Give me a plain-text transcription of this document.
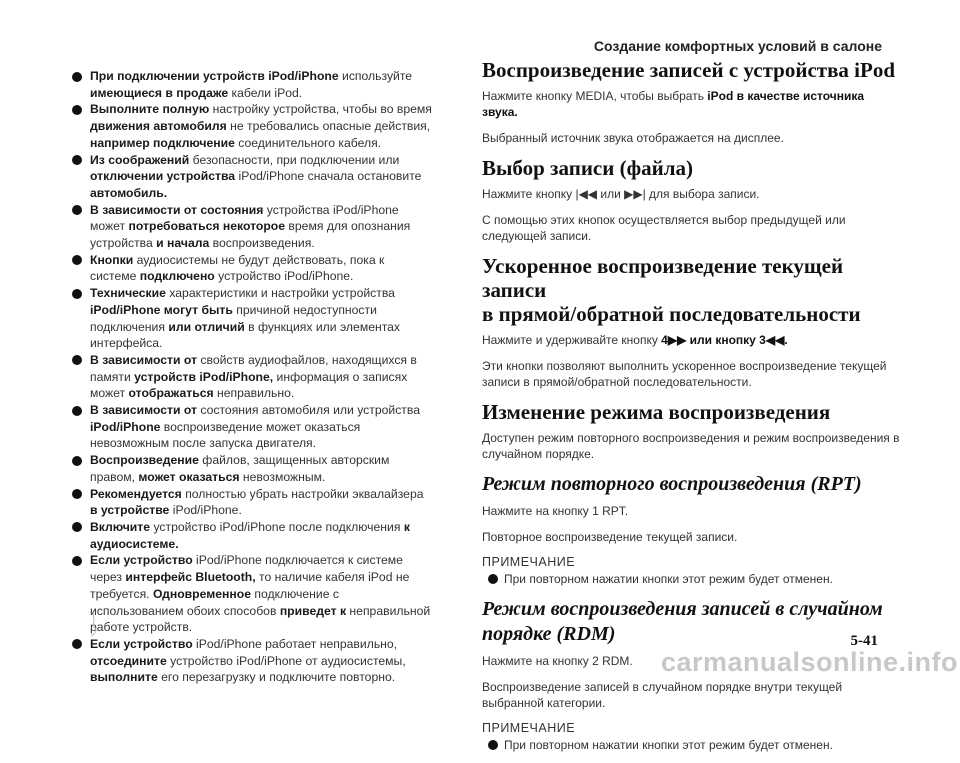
Создание комфортных условий в салоне
При подключении устройств iPod/iPhone используйте имеющиеся в продаже кабели iPod.
Выполните полную настройку устройства, чтобы во время движения автомобиля не требовались опасные действия, например подключение соединительного кабеля.
Из соображений безопасности, при подключении или отключении устройства iPod/iPhone сначала остановите автомобиль.
В зависимости от состояния устройства iPod/iPhone может потребоваться некоторое время для опознания устройства и начала воспроизведения.
Кнопки аудиосистемы не будут действовать, пока к системе подключено устройство iPod/iPhone.
Технические характеристики и настройки устройства iPod/iPhone могут быть причиной недоступности подключения или отличий в функциях или элементах интерфейса.
В зависимости от свойств аудиофайлов, находящихся в памяти устройств iPod/iPhone, информация о записях может отображаться неправильно.
В зависимости от состояния автомобиля или устройства iPod/iPhone воспроизведение может оказаться невозможным после запуска двигателя.
Воспроизведение файлов, защищенных авторским правом, может оказаться невозможным.
Рекомендуется полностью убрать настройки эквалайзера в устройстве iPod/iPhone.
Включите устройство iPod/iPhone после подключения к аудиосистеме.
Если устройство iPod/iPhone подключается к системе через интерфейс Bluetooth, то наличие кабеля iPod не требуется. Одновременное подключение с использованием обоих способов приведет к неправильной работе устройств.
Если устройство iPod/iPhone работает неправильно, отсоедините устройство iPod/iPhone от аудиосистемы, выполните его перезагрузку и подключите повторно.
Воспроизведение записей с устройства iPod
Нажмите кнопку MEDIA, чтобы выбрать iPod в качестве источника звука.
Выбранный источник звука отображается на дисплее.
Выбор записи (файла)
Нажмите кнопку |◀◀ или ▶▶| для выбора записи.
С помощью этих кнопок осуществляется выбор предыдущей или следующей записи.
Ускоренное воспроизведение текущей записи
в прямой/обратной последовательности
Нажмите и удерживайте кнопку 4▶▶ или кнопку 3◀◀.
Эти кнопки позволяют выполнить ускоренное воспроизведение текущей записи в прямой/обратной последовательности.
Изменение режима воспроизведения
Доступен режим повторного воспроизведения и режим воспроизведения в случайном порядке.
Режим повторного воспроизведения (RPT)
Нажмите на кнопку 1 RPT.
Повторное воспроизведение текущей записи.
ПРИМЕЧАНИЕ
При повторном нажатии кнопки этот режим будет отменен.
Режим воспроизведения записей в случайном порядке (RDM)
Нажмите на кнопку 2 RDM.
Воспроизведение записей в случайном порядке внутри текущей выбранной категории.
ПРИМЕЧАНИЕ
При повторном нажатии кнопки этот режим будет отменен.
5-41
carmanualsonline.info
